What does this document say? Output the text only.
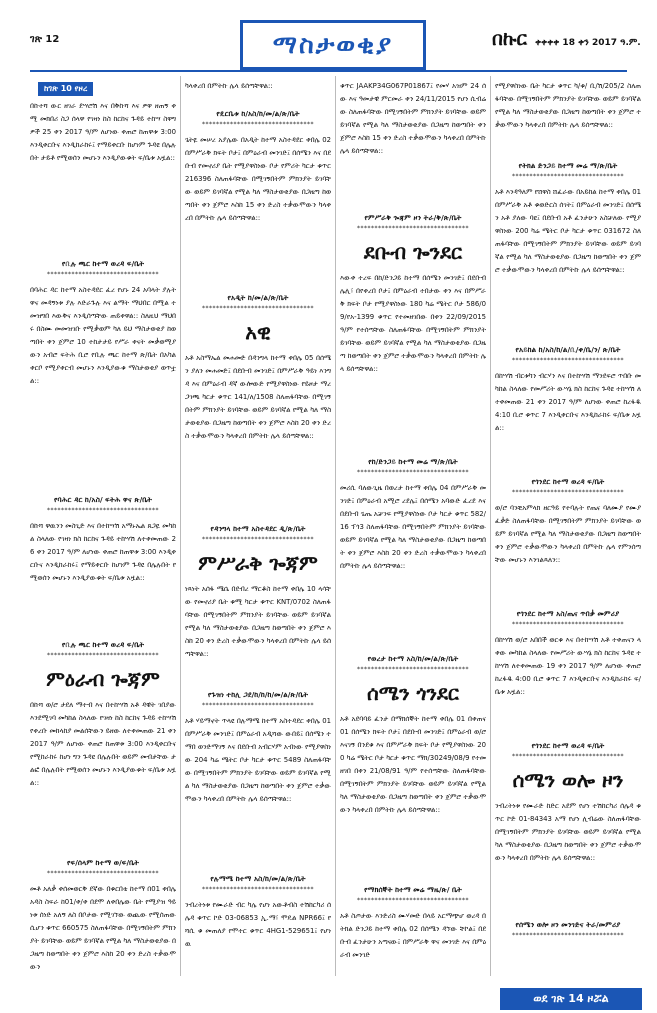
ገጽ 12	ማስታወቂያ	በኩር ቀቀቀቀ 18 ቀን 2017 ዓ.ም.
ከገጽ 10 የዞረ
በኩተሻ ውር ዘገራ ደሣሮሽ እና በቅኩሻ እና ዎዋ ዘጠኝ ቀሚ መክበሪ ስጋ ሰላዋ የገዛነ ከስ ከርከና ጉዳይ ተከሣ ስዋግዎች 25 ቀን 2017 ዓ/ም ለሆነው ቀጠሮ ከጠዋቱ 3:00 እንዲቀርቡና እንዲከራከሩ፤ የማይቀርቡ ከሆነም ጉዳዩ በሌሉበት ታይቶ የሚወሰን መሆኑን እንዲያውቁት ፍ/ቤቱ አዟል::
የቢሉ ጫር ከተማ ወረዳ ፍ/ቤት
********************************
በባሕር ዳር ከተማ አስተዳደር ፈረ የሆኑ 24 አባላት ያሉት ዋና መዳኝነቱ ያሉ እድራጉሉ እና ልማት ማህበር በሚል ተመዝግበ እውቅና እንዲሰጣቸው ጠይቀዋል:: ስለዚህ ማህበሩ በስሙ መመዝገቡ የሚቃወም ካለ ይህ ማስታወቂያ ከወጣበት ቀን ጀምሮ 10 ተከታታይ የሥራ ቀናት መቃወሚያውን አብሮ ፍትሕ ቢሮ የቢሉ ጫር ከተማ ጽ/ቤት በአካል ቀርቦ የሚያቀርብ መሆኑን እንዲያውቁ ማስታወቂያ ወጥቷል::
የባሕር ዳር ከ/አስ/ ፍትሕ ዋና ጽ/ቤት
********************************
በኩሻ ዋዉንን መስጊድ እና በተከሣሽ አማኑኤል ጸጋዬ መካከል ስላለው የገዛነ ክስ ከርከና ጉዳይ ተከሣሽ ለተቀመጠው 26 ቀን 2017 ዓ/ም ለሆነው ቀጠሮ ከጠዋቱ 3:00 እንዲቀርቡና እንዲከራከሩ፤ የማይቀርቡ ከሆነም ጉዳዩ በሌሉበት የሚወሰን መሆኑን እንዲያውቁት ፍ/ቤቱ አዟል::
የቢሉ ጫር ከተማ ወረዳ ፍ/ቤት
********************************
ምዕራብ ጐጃም
በኩሻ ወ/ሮ ታደለ ማተብ እና በተከሣሽ አቶ ዳዊት ገበያው እንደሚገባ መካከል ስላለው የገዛነ ከስ ከርከና ጉዳይ ተከሣሽ የቀረቡ መከላከያ መልሰቸውን ይዘው ለተቀመጠው 21 ቀን 2017 ዓ/ም ለሆነው ቀጠሮ ከጠዋቱ 3:00 እንዲቀርቡና የሚከራከሩ ከሆነ ግን ጉዳዩ በሌሉበት ወይም መብታቸው ታልፎ በሌሉበት የሚወሰን መሆኑን እንዲያውቁት ፍ/ቤቱ አዟል::
የፍ/ሰላም ከተማ ወ/ፍ/ቤት
********************************
መቶ አለቃ ቀሰመወርቅ ደኛው በቁርበቴ ከተማ በ01 ቀበሌ አዳስ ስፍራ ከ01/ቀ/ቀ በደሞ ለቀበሌው ቤት የሚያዝ ዓይነቱ ሰነድ አለኝ ለስ በቦታው የሚገኘው ወጪው የሚሰጠው ሲሆን ቁጥር 660575 ስለጠፋባቸው በሚገኝበትም ምክንያት ይገባቸው ወይም ይገባኛል የሚል ካለ ማስታወቂያው በጋዜጣ ከወጣበት ቀን ጀምሮ እስከ 20 ቀን ድረስ ተቃውሞውን
ካላቀረበ በምትኩ ሌላ ይሰጣቸዋል::
የዴርቤቱ ከ/አስ/ከ/መ/ል/ጽ/ቤት
********************************
ጌትዬ መሠረ አያሌው በአዲት ከተማ አስተዳደር ቀበሌ 02 በምሥራቅ ክፍት ቦታ፤ በምዕራብ መንገድ፤ በሰሜን እና በደቡብ የመኖሪያ ቤት የሚያዋስነው ቦታ የምሪት ካርታ ቁጥር 216396 ስለጠፋባቸው በሚገኝበትም ምክንያት ይገባቸው ወይም ይገባኛል የሚል ካለ ማስታወቂያው በጋዜጣ ከወጣበት ቀን ጀምሮ እስከ 15 ቀን ድረስ ተቃውሞውን ካላቀረበ በምትኩ ሌላ ይሰጣቸዋል::
የአዲት ከ/መ/ል/ጽ/ቤት
********************************
አዊ
አቶ አስማኤል መሐመድ በዳንግላ ከተማ ቀበሌ 05 በሰሜን ያለን መሐመድ፤ በደቡብ መንገድ፤ በምሥራቅ ዓይነ እንግዳ እና በምዕራብ ዳኛ ውሎውድ የሚያዋስነው የይዞታ ማረጋገጫ ካርታ ቁጥር 141/ለ/1508 ስለጠፋባቸው በሚገኝበትም ምክንያት ይገባቸው ወይም ይገባኛል የሚል ካለ ማስታወቂያው በጋዜጣ ከወጣበት ቀን ጀምሮ እስከ 20 ቀን ድረስ ተቃውሞውን ካላቀረበ በምትኩ ሌላ ይሰጣቸዋል::
የዳንግላ ከተማ አስተዳደር ዲ/ጽ/ቤት
********************************
ምሥራቅ ጐጃም
ነጻነት አሰፋ ሜሴ በደብረ ማርቆስ ከተማ ቀበሌ 10 ላሳቸው የመኖሪያ ቤት ቁሚ ካርታ ቁጥር KNT/0702 ስለጠፋባቸው በሚገኝበትም ምክንያት ይገባቸው ወይም ይገባኛል የሚል ካለ ማስታወቂያው በጋዜጣ ከወጣበት ቀን ጀምሮ እስከ 20 ቀን ድረስ ተቃውሞውን ካላቀረበ በምትኩ ሌላ ይሰጣቸዋል::
የጉዝነ ተከሊ ጋደ/ከ/ከ/ከ/መ/ል/ጽ/ቤት
********************************
አቶ ሃይማኖት ጥላዩ በሉማሜ ከተማ አስተዳደር ቀበሌ 01 በምሥራቅ መንገድ፤ በምዕራብ አዲሻው ውበይ፤ በሰሜን ተማበ ወንድማገኝ እና በደቡብ አብርሃም አብነው የሚያዋስነው 204 ካሬ ሜትር ቦታ ካርታ ቁጥር 5489 ስለጠፋባቸው በሚገኝበትም ምክንያት ይገባቸው ወይም ይገባኛል የሚል ካለ ማስታወቂያው በጋዜጣ ከወጣበት ቀን ጀምሮ ተቃውሞውን ካላቀረበ በምትኩ ሌላ ይሰጣቸዋል::
የሉማሜ ከተማ አስ/ከ/መ/ል/ጽ/ቤት
********************************
ንብረትነቱ የሙራድ ብር ካሌ የሆነ አውቶብስ ተሽከርካሪ ሰሌዳ ቁጥር ኮድ 03-06853 ኢ.ማ፣ ሞዴል NPR66፤ የሻሲ ቁ መጠለያ የሞተር ቁጥር 4HG1-529651፤ የሆነዉ
ቁጥር JAAKP34G067P01867፤ የመሃ አዝም 24 ሰው እና ዓመታዊ ምርመራ ቀን 24/11/2015 የሆነ ሲብሬው ስለጠፋባቸው በሚገኝበትም ምክንያት ይገባቸው ወይም ይገባኛል የሚል ካለ ማስታወቂያው በጋዜጣ ከወጣበት ቀን ጀምሮ እስከ 15 ቀን ድረስ ተቃውሞውን ካላቀረበ በምትኩ ሌላ ይሰጣቸዋል::
የምሥራቅ ጐጃም ዞን ትራ/ቅ/ጽ/ቤት
********************************
ደቡብ ጐንደር
እውቀ ተረፍ በከ/ድንጋይ ከተማ በሰሜን መንገድ፤ በደቡብ ሌሊ፣ በየቀረበ ቦታ፤ በምዕራብ ተበታው ቀን እና በምሥራቅ ክፍት ቦታ የሚያዋስነው 180 ካሬ ሜትር ቦታ 586/09/የአ-1399 ቁጥር የተመዘገበው በቀን 22/09/2015 ዓ/ም የተሰጣቸው ስለጠፋባቸው በሚገኝበትም ምክንያት ይገባቸው ወይም ይገባኛል የሚል ካለ ማስታወቂያው በጋዜጣ ከወጣበት ቀን ጀምሮ ተቃውሞውን ካላቀረበ በምትኩ ሌላ ይሰጣቸዋል::
የከ/ድንጋይ ከተማ መሬ ማ/ጽ/ቤት
********************************
መሪሲ ባለውጊዜ በወረታ ከተማ ቀበሌ 04 በምሥራቅ መንገድ፤ በምዕራብ አሚሮ ረደሌ፤ በሰሜን አባውድ ፈረደ እና በደቡብ ጌጤ አቻንፍ የሚያዋስነው ቦታ ካርታ ቁጥር 582/16 ፕጎ3 ስለጠፋባቸው በሚገኝበትም ምክንያት ይገባቸው ወይም ይገባኛል የሚል ካለ ማስታወቂያው በጋዜጣ ከወጣበት ቀን ጀምሮ እስከ 20 ቀን ድረስ ተቃውሞውን ካላቀረበ በምትኩ ሌላ ይሰጣቸዋል::
የወረታ ከተማ አስ/ከ/መ/ል/ጽ/ቤት
********************************
ሰሜን ጎንደር
አቶ አደባባይ ፈንታ በማክሰኞት ከተማ ቀበሌ 01 በቀጠና 01 በሰሜን ክፍት ቦታ፤ በደቡብ መንገድ፤ በምዕራብ ወ/ሮ እናገኝ በንደቁ እና በምሥራቅ ክፍት ቦታ የሚያዋስነው 200 ካሬ ሜትር ቦታ ካርታ ቁጥር ማክ/30249/08/9 የተመዘገበ በቀን 21/08/91 ዓ/ም የተሰጣቸው ስለጠፋባቸው በሚገኝበትም ምክንያት ይገባቸው ወይም ይገባኛል የሚል ካለ ማስታወቂያው በጋዜጣ ከወጣበት ቀን ጀምሮ ተቃውሞውን ካላቀረበ በምትኩ ሌላ ይሰጣቸዋል::
የማክሰኞት ከተማ መሬ ማዜ/ጽ/ ቤት
********************************
አቶ ስጦታው እንድሪስ ሙሃመድ በላይ አርማጭሆ ወረዳ በትክል ድንጋይ ከተማ ቀበሌ 02 በሰሜን ዳኘው ቸኮል፤ በደቡብ ፈንታሁን አጣናው፤ በምሥራቅ ዋና መንገድ እና በምዕራብ መንገድ
የሚያዋስነው ቤት ካርታ ቁጥር ካ/ቁ/ ቢ/ሽ/205/2 ስለጠፋባቸው በሚገኝበትም ምክንያት ይገባቸው ወይም ይገባኛል የሚል ካለ ማስታወቂያው በጋዜጣ ከወጣበት ቀን ጀምሮ ተቃውሞውን ካላቀረበ በምትኩ ሌላ ይሰጣቸዋል::
የትክል ድንጋይ ከተማ መሬ ማ/ጽ/ቤት
********************************
አቶ እንዳዓለም የሸዋስ ሸፈራው በአይከል ከተማ ቀበሌ 01 በምሥራቅ አቶ ቁወድርስ ሰገት፤ በምዕራብ መንገድ፤ በሰሜን አቶ ያለው ባዩ፤ በደቡብ አቶ ፈንታሁን አስቻለው የሚያዋስነው 200 ካሬ ሜትር ቦታ ካርታ ቁጥር 031672 ስለጠፋባቸው በሚገኝበትም ምክንያት ይገባቸው ወይም ይገባኛል የሚል ካለ ማስታወቂያው በጋዜጣ ከወጣበት ቀን ጀምሮ ተቃውሞውን ካላቀረበ በምትኩ ሌላ ይሰጣቸዋል::
የአይከል ከ/አስ/ከ/ል/ቢ/ቀ/ቤ/ን/ ጽ/ቤት
********************************
በከሣሽ ብርቱካን ብርሃን እና በተከሣሽ ማንደፍሮ ጥበቡ መካከል ስላለው የመሥሪት ውሣኔ ክስ ከርከና ጉዳዩ ተከሣሽ ለተቀመጠው 21 ቀን 2017 ዓ/ም ለሆነው ቀጠሮ ከረፋዱ 4:10 ቢሮ ቁጥር 7 እንዲቀርቡና እንዲከራከሩ ፍ/ቤቱ አዟል::
የጎንደር ከተማ ወረዳ ፍ/ቤት
********************************
ወ/ሮ ባንቺአምላክ ዘርዓይ የተባሉት የጤና ባለሙያ የሙያ ፈቃድ ስለጠፋባቸው በሚገኝበትም ምክንያት ይገባቸው ወይም ይገባኛል የሚል ካለ ማስታወቂያው በጋዜጣ ከወጣበት ቀን ጀምሮ ተቃውሞውን ካላቀረበ በምትኩ ሌላ የምንሰጣቸው መሆኑን እንገልጻለን::
የጎንደር ከተማ አስ/ጤና ጥበቃ መምሪያ
********************************
በከሣሽ ወ/ሮ አበበች ወርቁ እና በተከሣሽ አቶ ተቀጠናን ላቀው መካከል ስላለው የመሥሪት ውሣኔ ክስ ከርከና ጉዳዩ ተከሣሽ ለተቀመጠው 19 ቀን 2017 ዓ/ም ለሆነው ቀጠሮ ከረፋዱ 4:00 ቢሮ ቁጥር 7 እንዲቀርቡና እንዲከራከሩ ፍ/ቤቱ አዟል::
የጎንደር ከተማ ወረዳ ፍ/ቤት
********************************
ሰሜን ወሎ ዞን
ንብረትነቱ የሙራድ ከድር አደም የሆነ ተሽከርካሪ ሰሌዳ ቁጥር ኮድ 01-84343 አማ የሆነ ሊብሬው ስለጠፋባቸው በሚገኝበትም ምክንያት ይገባቸው ወይም ይገባኛል የሚል ካለ ማስታወቂያው በጋዜጣ ከወጣበት ቀን ጀምሮ ተቃውሞውን ካላቀረበ በምትኩ ሌላ ይሰጣቸዋል::
የሰሜን ወሎ ዞን መንገድና ትራ/መምሪያ
********************************
ወደ ገጽ 14 ዞሯል
